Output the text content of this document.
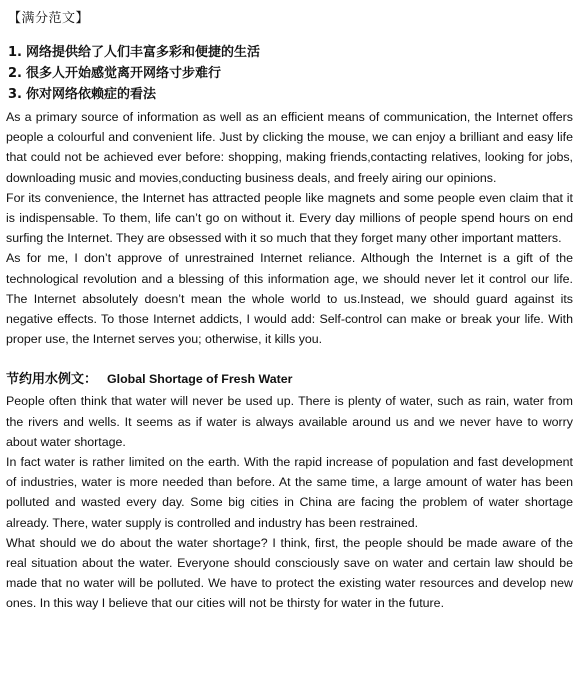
【满分范文】
1. 网络提供给了人们丰富多彩和便捷的生活
2. 很多人开始感觉离开网络寸步难行
3. 你对网络依赖症的看法

As a primary source of information as well as an efficient means of communication, the Internet offers people a colourful and convenient life. Just by clicking the mouse, we can enjoy a brilliant and easy life that could not be achieved ever before: shopping, making friends,contacting relatives, looking for jobs, downloading music and movies,conducting business deals, and freely airing our opinions.

For its convenience, the Internet has attracted people like magnets and some people even claim that it is indispensable. To them, life can’t go on without it. Every day millions of people spend hours on end surfing the Internet. They are obsessed with it so much that they forget many other important matters.

As for me, I don’t approve of unrestrained Internet reliance. Although the Internet is a gift of the technological revolution and a blessing of this information age, we should never let it control our life. The Internet absolutely doesn’t mean the whole world to us.Instead, we should guard against its negative effects. To those Internet addicts, I would add: Self-control can make or break your life. With proper use, the Internet serves you; otherwise, it kills you.

节约用水例文： Global Shortage of Fresh Water

People often think that water will never be used up. There is plenty of water, such as rain, water from the rivers and wells. It seems as if water is always available around us and we never have to worry about water shortage.

In fact water is rather limited on the earth. With the rapid increase of population and fast development of industries, water is more needed than before. At the same time, a large amount of water has been polluted and wasted every day. Some big cities in China are facing the problem of water shortage already. There, water supply is controlled and industry has been restrained.

What should we do about the water shortage? I think, first, the people should be made aware of the real situation about the water. Everyone should consciously save on water and certain law should be made that no water will be polluted. We have to protect the existing water resources and develop new ones. In this way I believe that our cities will not be thirsty for water in the future.
